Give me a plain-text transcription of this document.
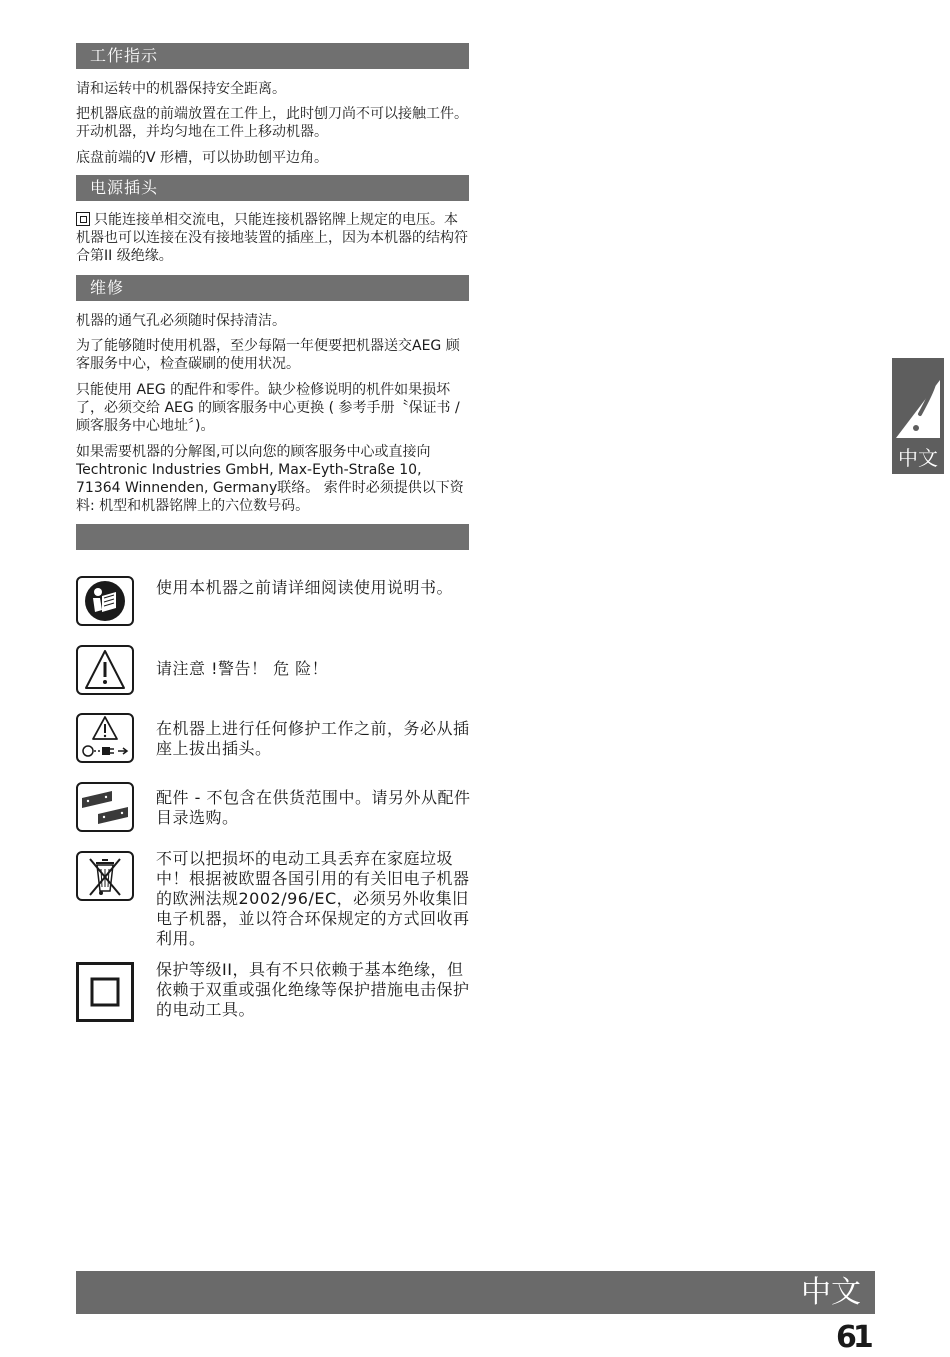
工作指示

请和运转中的机器保持安全距离。

把机器底盘的前端放置在工件上，此时刨刀尚不可以接触工件。开动机器，并均匀地在工件上移动机器。

底盘前端的V 形槽，可以协助刨平边角。

电源插头

只能连接单相交流电，只能连接机器铭牌上规定的电压。本机器也可以连接在没有接地装置的插座上，因为本机器的结构符合第II 级绝缘。

维修

机器的通气孔必须随时保持清洁。

为了能够随时使用机器，至少每隔一年便要把机器送交AEG 顾客服务中心，检查碳刷的使用状况。

只能使用 AEG 的配件和零件。缺少检修说明的机件如果损坏了，必须交给 AEG 的顾客服务中心更换 ( 参考手册〝保证书 / 顾客服务中心地址〞)。

如果需要机器的分解图,可以向您的顾客服务中心或直接向 Techtronic Industries GmbH, Max-Eyth-Straße 10, 71364 Winnenden, Germany联络。 索件时必须提供以下资料: 机型和机器铭牌上的六位数号码。

使用本机器之前请详细阅读使用说明书。
请注意 !警告！ 危 险！
在机器上进行任何修护工作之前，务必从插座上拔出插头。
配件 - 不包含在供货范围中。请另外从配件目录选购。
不可以把损坏的电动工具丢弃在家庭垃圾中！根据被欧盟各国引用的有关旧电子机器的欧洲法规2002/96/EC，必须另外收集旧电子机器，並以符合环保规定的方式回收再利用。
保护等级II，具有不只依赖于基本绝缘，但依赖于双重或强化绝缘等保护措施电击保护的电动工具。
中文
中文
61
